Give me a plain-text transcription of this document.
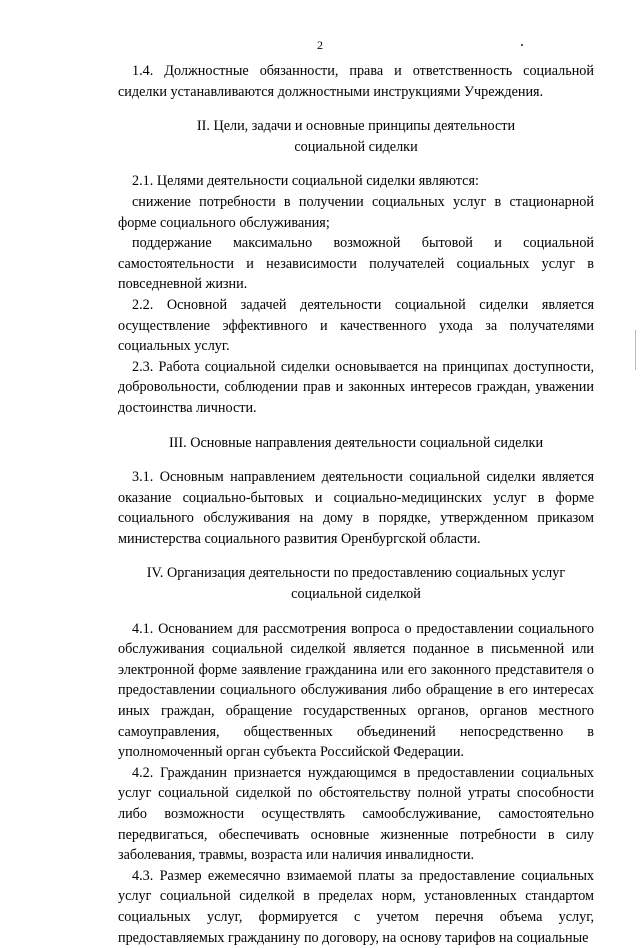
2

1.4. Должностные обязанности, права и ответственность социальной сиделки устанавливаются должностными инструкциями Учреждения.

II. Цели, задачи и основные принципы деятельности
социальной сиделки

2.1. Целями деятельности социальной сиделки являются:

снижение потребности в получении социальных услуг в стационарной форме социального обслуживания;

поддержание максимально возможной бытовой и социальной самостоятельности и независимости получателей социальных услуг в повседневной жизни.

2.2. Основной задачей деятельности социальной сиделки является осуществление эффективного и качественного ухода за получателями социальных услуг.

2.3. Работа социальной сиделки основывается на принципах доступности, добровольности, соблюдении прав и законных интересов граждан, уважении достоинства личности.

III. Основные направления деятельности социальной сиделки

3.1. Основным направлением деятельности социальной сиделки является оказание социально-бытовых и социально-медицинских услуг в форме социального обслуживания на дому в порядке, утвержденном приказом министерства социального развития Оренбургской области.

IV. Организация деятельности по предоставлению социальных услуг
социальной сиделкой

4.1. Основанием для рассмотрения вопроса о предоставлении социального обслуживания социальной сиделкой является поданное в письменной или электронной форме заявление гражданина или его законного представителя о предоставлении социального обслуживания либо обращение в его интересах иных граждан, обращение государственных органов, органов местного самоуправления, общественных объединений непосредственно в уполномоченный орган субъекта Российской Федерации.

4.2. Гражданин признается нуждающимся в предоставлении социальных услуг социальной сиделкой по обстоятельству полной утраты способности либо возможности осуществлять самообслуживание, самостоятельно передвигаться, обеспечивать основные жизненные потребности в силу заболевания, травмы, возраста или наличия инвалидности.

4.3. Размер ежемесячно взимаемой платы за предоставление социальных услуг социальной сиделкой в пределах норм, установленных стандартом социальных услуг, формируется с учетом перечня объема услуг, предоставляемых гражданину по договору, на основу тарифов на социальные
